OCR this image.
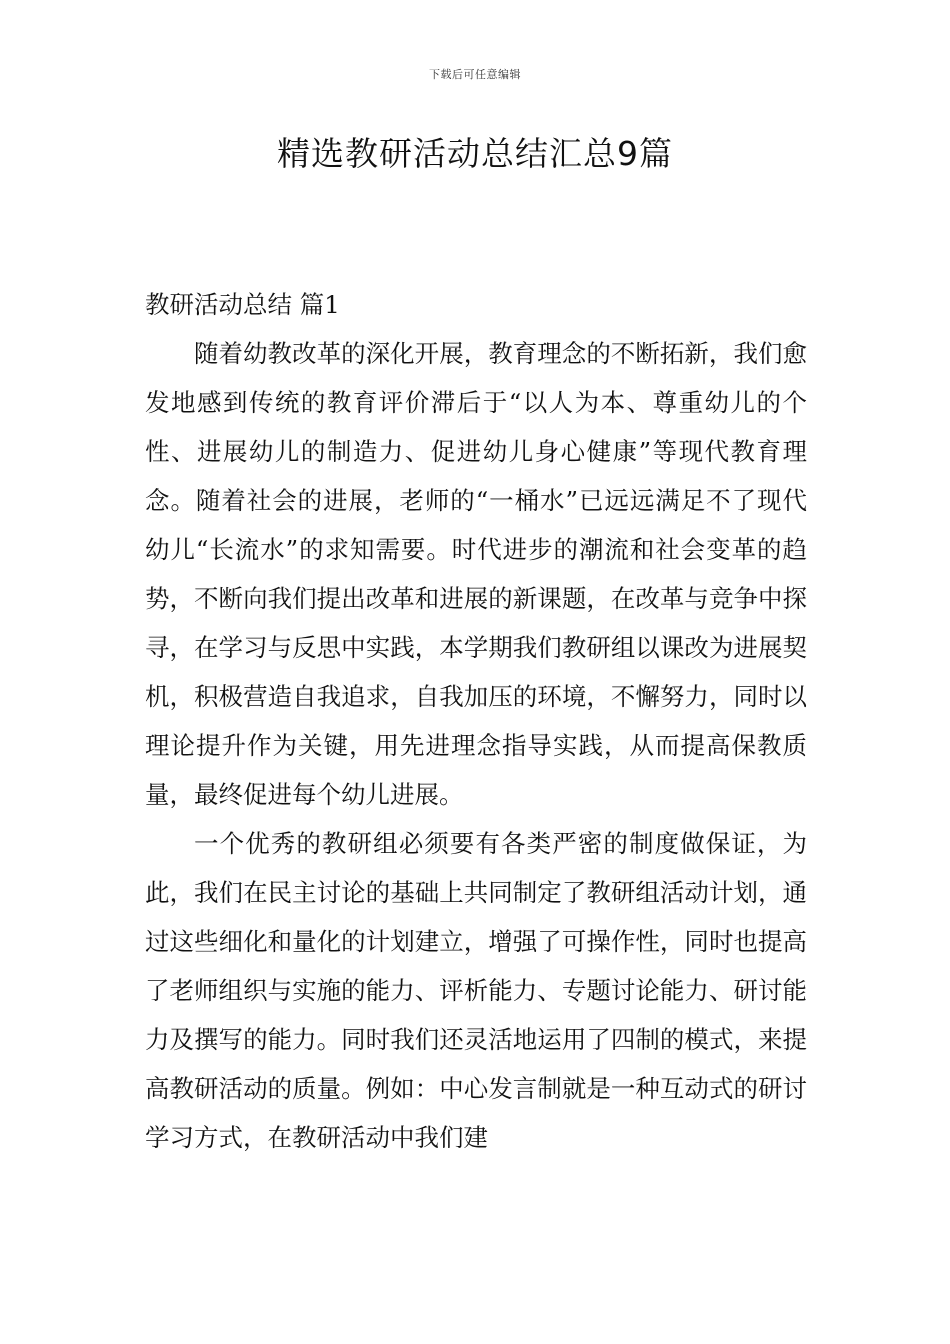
下载后可任意编辑
精选教研活动总结汇总9篇
教研活动总结 篇1

随着幼教改革的深化开展，教育理念的不断拓新，我们愈发地感到传统的教育评价滞后于“以人为本、尊重幼儿的个性、进展幼儿的制造力、促进幼儿身心健康”等现代教育理念。随着社会的进展，老师的“一桶水”已远远满足不了现代幼儿“长流水”的求知需要。时代进步的潮流和社会变革的趋势，不断向我们提出改革和进展的新课题，在改革与竞争中探寻，在学习与反思中实践，本学期我们教研组以课改为进展契机，积极营造自我追求，自我加压的环境，不懈努力，同时以理论提升作为关键，用先进理念指导实践，从而提高保教质量，最终促进每个幼儿进展。

一个优秀的教研组必须要有各类严密的制度做保证，为此，我们在民主讨论的基础上共同制定了教研组活动计划，通过这些细化和量化的计划建立，增强了可操作性，同时也提高了老师组织与实施的能力、评析能力、专题讨论能力、研讨能力及撰写的能力。同时我们还灵活地运用了四制的模式，来提高教研活动的质量。例如：中心发言制就是一种互动式的研讨学习方式，在教研活动中我们建
